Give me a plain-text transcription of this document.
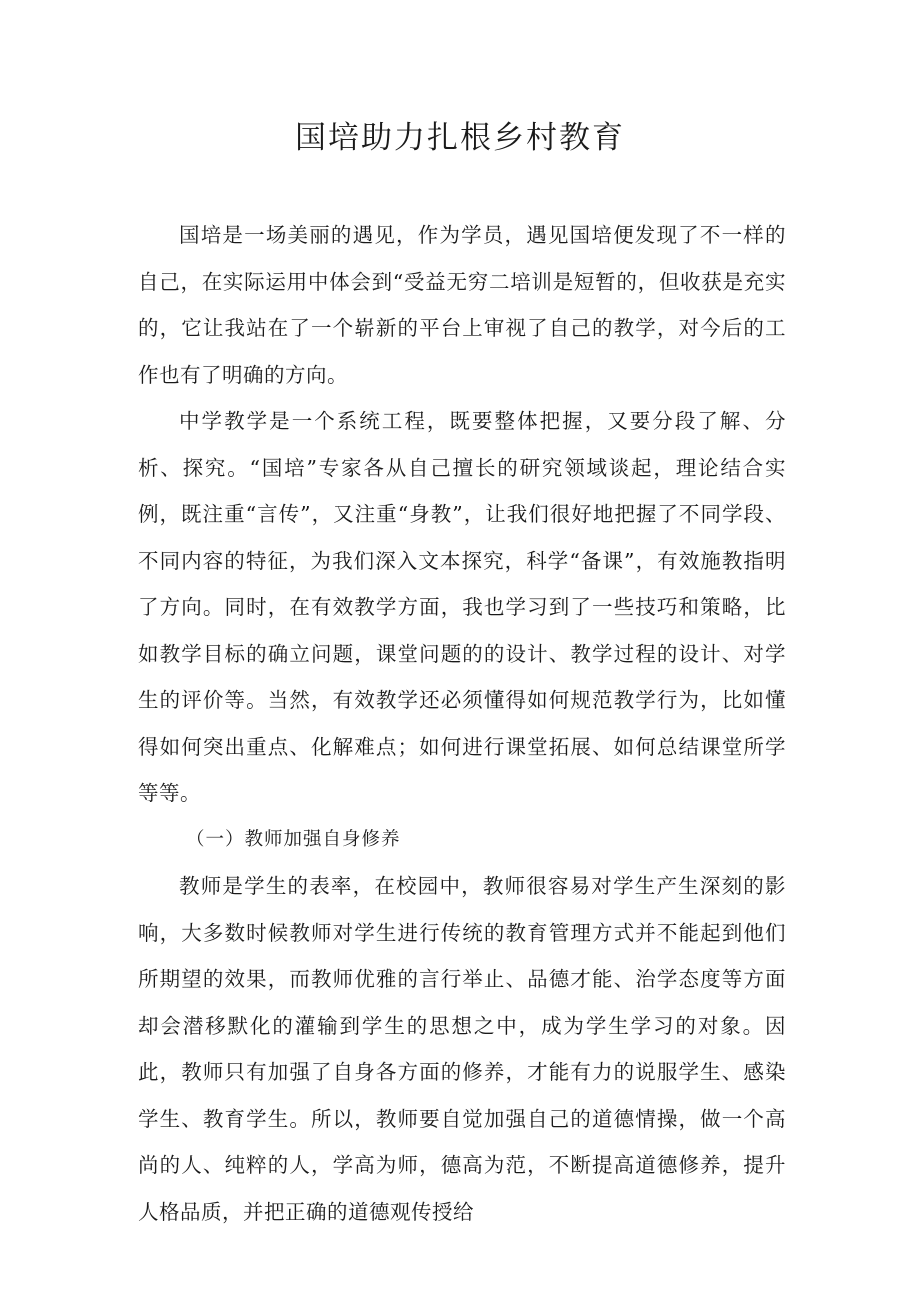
国培助力扎根乡村教育

国培是一场美丽的遇见，作为学员，遇见国培便发现了不一样的自己，在实际运用中体会到“受益无穷二培训是短暂的，但收获是充实的，它让我站在了一个崭新的平台上审视了自己的教学，对今后的工作也有了明确的方向。

中学教学是一个系统工程，既要整体把握，又要分段了解、分析、探究。“国培”专家各从自己擅长的研究领域谈起，理论结合实例，既注重“言传”，又注重“身教”，让我们很好地把握了不同学段、不同内容的特征，为我们深入文本探究，科学“备课”，有效施教指明了方向。同时，在有效教学方面，我也学习到了一些技巧和策略，比如教学目标的确立问题，课堂问题的的设计、教学过程的设计、对学生的评价等。当然，有效教学还必须懂得如何规范教学行为，比如懂得如何突出重点、化解难点；如何进行课堂拓展、如何总结课堂所学等等。

（一）教师加强自身修养

教师是学生的表率，在校园中，教师很容易对学生产生深刻的影响，大多数时候教师对学生进行传统的教育管理方式并不能起到他们所期望的效果，而教师优雅的言行举止、品德才能、治学态度等方面却会潜移默化的灌输到学生的思想之中，成为学生学习的对象。因此，教师只有加强了自身各方面的修养，才能有力的说服学生、感染学生、教育学生。所以，教师要自觉加强自己的道德情操，做一个高尚的人、纯粹的人，学高为师，德高为范，不断提高道德修养，提升人格品质，并把正确的道德观传授给
